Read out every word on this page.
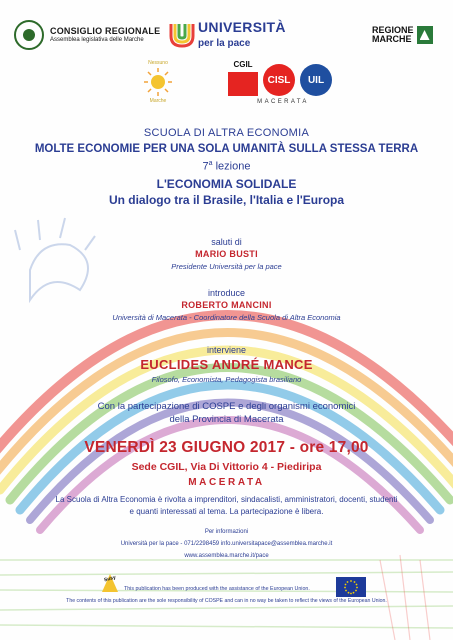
CONSIGLIO REGIONALE
Assemblea legislativa delle Marche
UNIVERSITÀ
per la pace
REGIONE
MARCHE
Nessuno
Marche
CGIL
CISL	UIL
MACERATA
SCUOLA DI ALTRA ECONOMIA
MOLTE ECONOMIE PER UNA SOLA UMANITÀ SULLA STESSA TERRA
7$^a$ lezione
L'ECONOMIA SOLIDALE
Un dialogo tra il Brasile, l'Italia e l'Europa
saluti di
MARIO BUSTI
Presidente Università per la pace
introduce
ROBERTO MANCINI
Università di Macerata - Coordinatore della Scuola di Altra Economia
interviene
EUCLIDES ANDRÉ MANCE
Filosofo, Economista, Pedagogista brasiliano
Con la partecipazione di COSPE e degli organismi economici
della Provincia di Macerata
VENERDÌ 23 GIUGNO 2017 - ore 17,00
Sede CGIL, Via Di Vittorio 4 - Piediripa
MACERATA
La Scuola di Altra Economia è rivolta a imprenditori, sindacalisti, amministratori, docenti, studenti
e quanti interessati al tema. La partecipazione è libera.
Per informazioni
Università per la pace - 071/2298459 info.universitapace@assemblea.marche.it
www.assemblea.marche.it/pace
Susy
This publication has been produced with the assistance of the European Union.
The contents of this publication are the sole responsibility of COSPE and can in no way be taken to reflect the views of the European Union.
